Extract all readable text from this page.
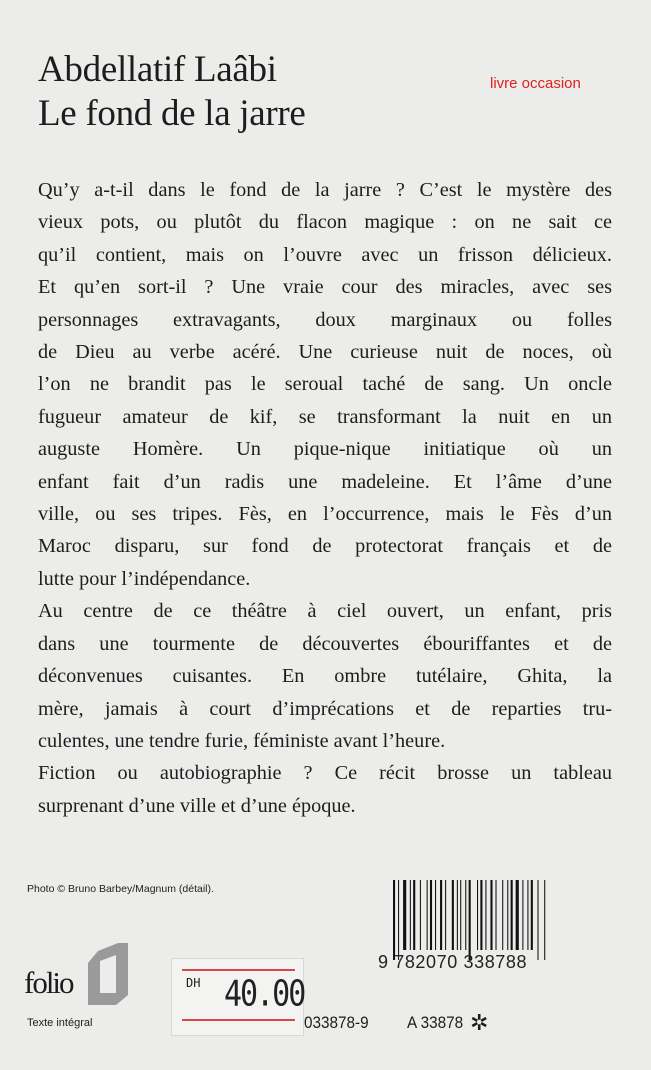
Abdellatif Laâbi
Le fond de la jarre
livre occasion
Qu’y a-t-il dans le fond de la jarre ? C’est le mystère des
vieux pots, ou plutôt du flacon magique : on ne sait ce
qu’il contient, mais on l’ouvre avec un frisson délicieux.
Et qu’en sort-il ? Une vraie cour des miracles, avec ses
personnages extravagants, doux marginaux ou folles
de Dieu au verbe acéré. Une curieuse nuit de noces, où
l’on ne brandit pas le seroual taché de sang. Un oncle
fugueur amateur de kif, se transformant la nuit en un
auguste Homère. Un pique-nique initiatique où un
enfant fait d’un radis une madeleine. Et l’âme d’une
ville, ou ses tripes. Fès, en l’occurrence, mais le Fès d’un
Maroc disparu, sur fond de protectorat français et de
lutte pour l’indépendance.
Au centre de ce théâtre à ciel ouvert, un enfant, pris
dans une tourmente de découvertes ébouriffantes et de
déconvenues cuisantes. En ombre tutélaire, Ghita, la
mère, jamais à court d’imprécations et de reparties tru-
culentes, une tendre furie, féministe avant l’heure.
Fiction ou autobiographie ? Ce récit brosse un tableau
surprenant d’une ville et d’une époque.
Photo © Bruno Barbey/Magnum (détail).
folio
Texte intégral
DH 40.00
9 782070 338788
033878-9 A 33878 ✲
